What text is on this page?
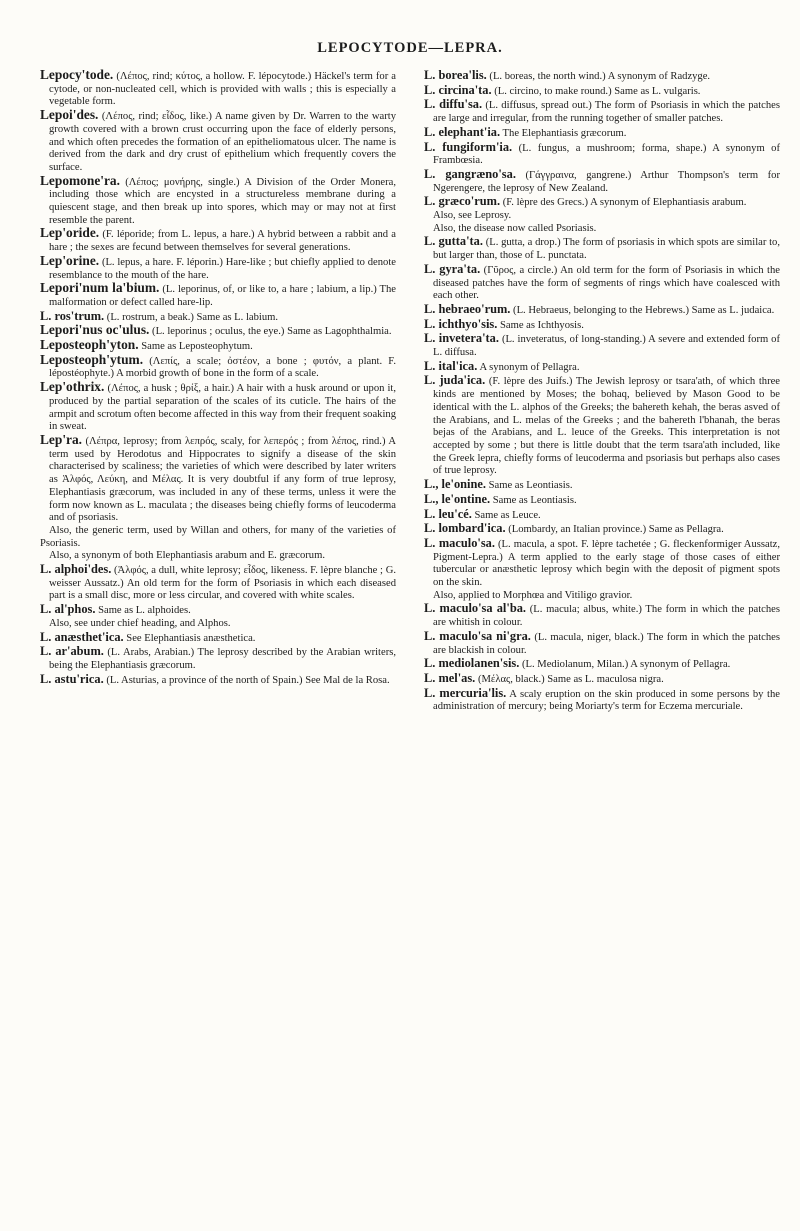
LEPOCYTODE—LEPRA.

Lepocy'tode. (Λέπος, rind; κύτος, a hollow. F. lépocytode.) Häckel's term for a cytode, or non-nucleated cell, which is provided with walls ; this is especially a vegetable form.

Lepoi'des. (Λέπος, rind; εἶδος, like.) A name given by Dr. Warren to the warty growth covered with a brown crust occurring upon the face of elderly persons, and which often precedes the formation of an epitheliomatous ulcer. The name is derived from the dark and dry crust of epithelium which frequently covers the surface.

Lepomone'ra. (Λέπος; μονήρης, single.) A Division of the Order Monera, including those which are encysted in a structureless membrane during a quiescent stage, and then break up into spores, which may or may not at first resemble the parent.

Lep'oride. (F. léporide; from L. lepus, a hare.) A hybrid between a rabbit and a hare ; the sexes are fecund between themselves for several generations.

Lep'orine. (L. lepus, a hare. F. léporin.) Hare-like ; but chiefly applied to denote resemblance to the mouth of the hare.

Lepori'num la'bium. (L. leporinus, of, or like to, a hare ; labium, a lip.) The malformation or defect called hare-lip.

L. ros'trum. (L. rostrum, a beak.) Same as L. labium.

Lepori'nus oc'ulus. (L. leporinus ; oculus, the eye.) Same as Lagophthalmia.

Leposteoph'yton. Same as Leposteophytum.

Leposteoph'ytum. (Λεπίς, a scale; ὀστέον, a bone ; φυτόν, a plant. F. lépostéophyte.) A morbid growth of bone in the form of a scale.

Lep'othrix. (Λέπος, a husk ; θρίξ, a hair.) A hair with a husk around or upon it, produced by the partial separation of the scales of its cuticle. The hairs of the armpit and scrotum often become affected in this way from their frequent soaking in sweat.

Lep'ra. (Λέπρα, leprosy; from λεπρός, scaly, for λεπερός ; from λέπος, rind.) A term used by Herodotus and Hippocrates to signify a disease of the skin characterised by scaliness; the varieties of which were described by later writers as Ἀλφός, Λεύκη, and Μέλας. It is very doubtful if any form of true leprosy, Elephantiasis græcorum, was included in any of these terms, unless it were the form now known as L. maculata ; the diseases being chiefly forms of leucoderma and of psoriasis.

Also, the generic term, used by Willan and others, for many of the varieties of Psoriasis.

Also, a synonym of both Elephantiasis arabum and E. græcorum.

L. alphoi'des. (Ἀλφός, a dull, white leprosy; εἶδος, likeness. F. lèpre blanche ; G. weisser Aussatz.) An old term for the form of Psoriasis in which each diseased part is a small disc, more or less circular, and covered with white scales.

L. al'phos. Same as L. alphoides.

Also, see under chief heading, and Alphos.

L. anæsthet'ica. See Elephantiasis anæsthetica.

L. ar'abum. (L. Arabs, Arabian.) The leprosy described by the Arabian writers, being the Elephantiasis græcorum.

L. astu'rica. (L. Asturias, a province of the north of Spain.) See Mal de la Rosa.

L. borea'lis. (L. boreas, the north wind.) A synonym of Radzyge.

L. circina'ta. (L. circino, to make round.) Same as L. vulgaris.

L. diffu'sa. (L. diffusus, spread out.) The form of Psoriasis in which the patches are large and irregular, from the running together of smaller patches.

L. elephant'ia. The Elephantiasis græcorum.

L. fungiform'ia. (L. fungus, a mushroom; forma, shape.) A synonym of Frambœsia.

L. gangræno'sa. (Γάγγραινα, gangrene.) Arthur Thompson's term for Ngerengere, the leprosy of New Zealand.

L. græco'rum. (F. lèpre des Grecs.) A synonym of Elephantiasis arabum.

Also, see Leprosy.

Also, the disease now called Psoriasis.

L. gutta'ta. (L. gutta, a drop.) The form of psoriasis in which spots are similar to, but larger than, those of L. punctata.

L. gyra'ta. (Γῦρος, a circle.) An old term for the form of Psoriasis in which the diseased patches have the form of segments of rings which have coalesced with each other.

L. hebraeo'rum. (L. Hebraeus, belonging to the Hebrews.) Same as L. judaica.

L. ichthyo'sis. Same as Ichthyosis.

L. invetera'ta. (L. inveteratus, of long-standing.) A severe and extended form of L. diffusa.

L. ital'ica. A synonym of Pellagra.

L. juda'ica. (F. lèpre des Juifs.) The Jewish leprosy or tsara'ath, of which three kinds are mentioned by Moses; the bohaq, believed by Mason Good to be identical with the L. alphos of the Greeks; the bahereth kehah, the beras asved of the Arabians, and L. melas of the Greeks ; and the bahereth l'bhanah, the beras bejas of the Arabians, and L. leuce of the Greeks. This interpretation is not accepted by some ; but there is little doubt that the term tsara'ath included, like the Greek lepra, chiefly forms of leucoderma and psoriasis but perhaps also cases of true leprosy.

L., le'onine. Same as Leontiasis.

L., le'ontine. Same as Leontiasis.

L. leu'cé. Same as Leuce.

L. lombard'ica. (Lombardy, an Italian province.) Same as Pellagra.

L. maculo'sa. (L. macula, a spot. F. lèpre tachetée ; G. fleckenformiger Aussatz, Pigment-Lepra.) A term applied to the early stage of those cases of either tubercular or anæsthetic leprosy which begin with the deposit of pigment spots on the skin.

Also, applied to Morphœa and Vitiligo gravior.

L. maculo'sa al'ba. (L. macula; albus, white.) The form in which the patches are whitish in colour.

L. maculo'sa ni'gra. (L. macula, niger, black.) The form in which the patches are blackish in colour.

L. mediolanen'sis. (L. Mediolanum, Milan.) A synonym of Pellagra.

L. mel'as. (Μέλας, black.) Same as L. maculosa nigra.

L. mercuria'lis. A scaly eruption on the skin produced in some persons by the administration of mercury; being Moriarty's term for Eczema mercuriale.
